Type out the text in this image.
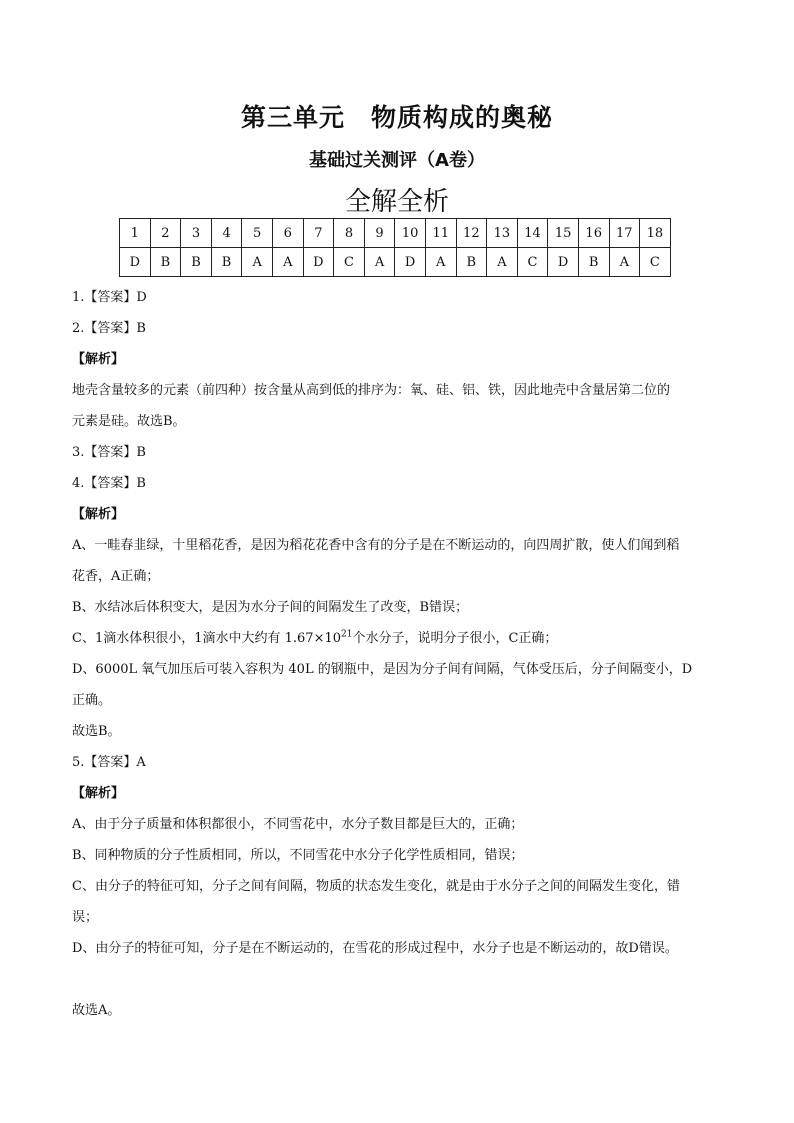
第三单元　物质构成的奥秘
基础过关测评（A卷）
全解全析
1	2	3	4	5	6	7	8	9	10	11	12	13	14	15	16	17	18
D	B	B	B	A	A	D	C	A	D	A	B	A	C	D	B	A	C

1.【答案】D

2.【答案】B

【解析】

地壳含量较多的元素（前四种）按含量从高到低的排序为：氧、硅、铝、铁，因此地壳中含量居第二位的

元素是硅。故选B。

3.【答案】B

4.【答案】B

【解析】

A、一畦春韭绿，十里稻花香，是因为稻花花香中含有的分子是在不断运动的，向四周扩散，使人们闻到稻

花香，A正确；

B、水结冰后体积变大，是因为水分子间的间隔发生了改变，B错误；

C、1滴水体积很小，1滴水中大约有 $1.67\times 10^{21}$个水分子，说明分子很小，C正确；

D、6000L 氧气加压后可装入容积为 40L 的钢瓶中，是因为分子间有间隔，气体受压后，分子间隔变小，D

正确。

故选B。

5.【答案】A

【解析】

A、由于分子质量和体积都很小，不同雪花中，水分子数目都是巨大的，正确；

B、同种物质的分子性质相同，所以，不同雪花中水分子化学性质相同，错误；

C、由分子的特征可知，分子之间有间隔，物质的状态发生变化，就是由于水分子之间的间隔发生变化，错

误；

D、由分子的特征可知，分子是在不断运动的，在雪花的形成过程中，水分子也是不断运动的，故D错误。

故选A。
